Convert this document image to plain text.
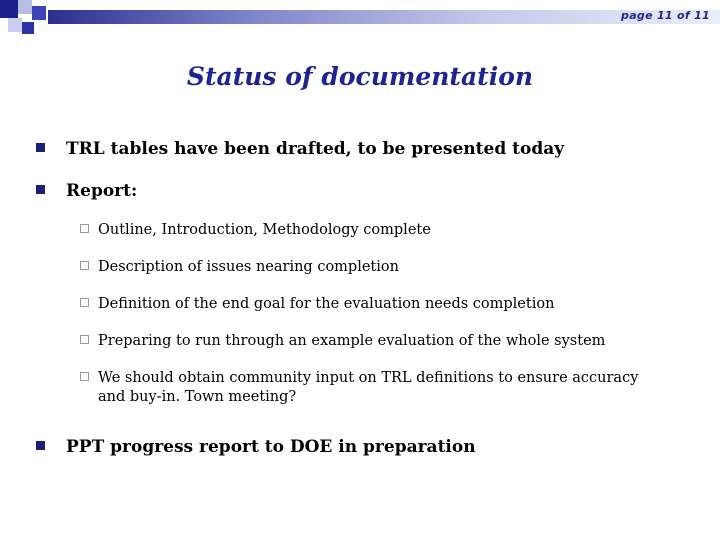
page 11 of 11
Status of documentation
TRL tables have been drafted, to be presented today
Report:
Outline, Introduction, Methodology complete
Description of issues nearing completion
Definition of the end goal for the evaluation needs completion
Preparing to run through an example evaluation of the whole system
We should obtain community input on TRL definitions to ensure accuracy and buy-in. Town meeting?
PPT progress report to DOE in preparation
